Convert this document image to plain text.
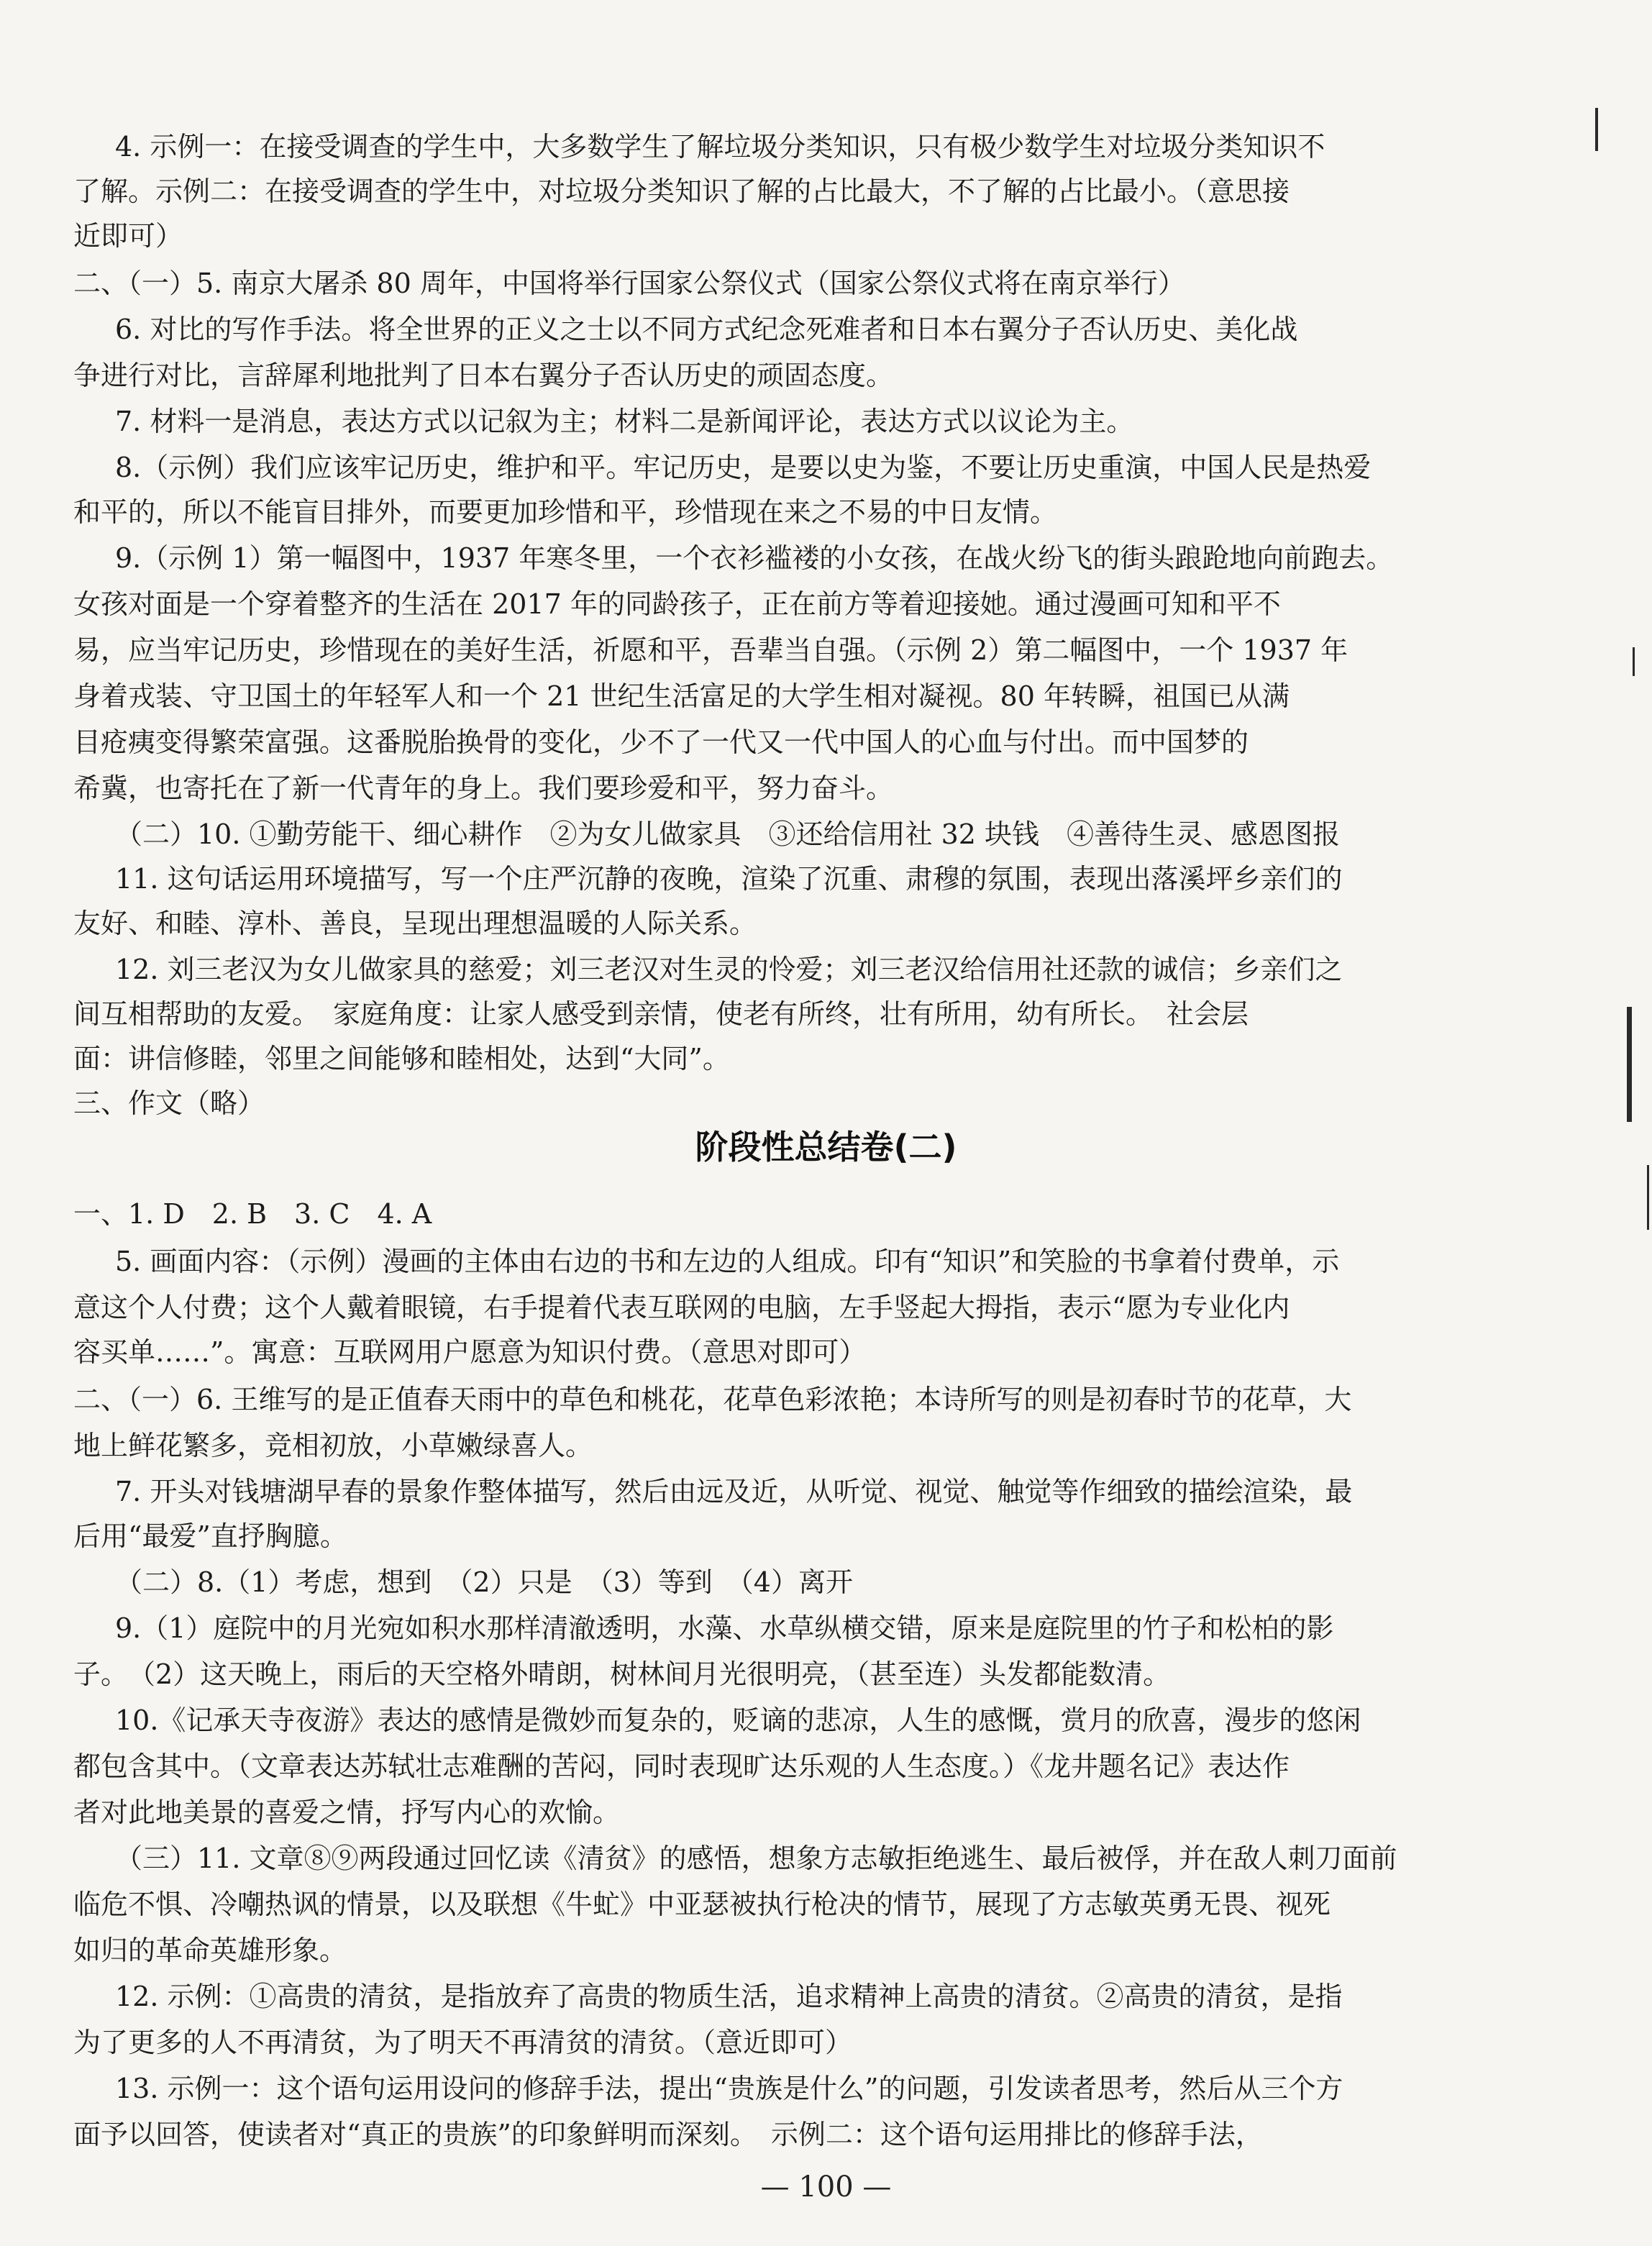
4. 示例一：在接受调查的学生中，大多数学生了解垃圾分类知识，只有极少数学生对垃圾分类知识不
了解。示例二：在接受调查的学生中，对垃圾分类知识了解的占比最大，不了解的占比最小。（意思接
近即可）
二、（一）5. 南京大屠杀 80 周年，中国将举行国家公祭仪式（国家公祭仪式将在南京举行）
6. 对比的写作手法。将全世界的正义之士以不同方式纪念死难者和日本右翼分子否认历史、美化战
争进行对比，言辞犀利地批判了日本右翼分子否认历史的顽固态度。
7. 材料一是消息，表达方式以记叙为主；材料二是新闻评论，表达方式以议论为主。
8.（示例）我们应该牢记历史，维护和平。牢记历史，是要以史为鉴，不要让历史重演，中国人民是热爱
和平的，所以不能盲目排外，而要更加珍惜和平，珍惜现在来之不易的中日友情。
9.（示例 1）第一幅图中，1937 年寒冬里，一个衣衫褴褛的小女孩，在战火纷飞的街头踉跄地向前跑去。
女孩对面是一个穿着整齐的生活在 2017 年的同龄孩子，正在前方等着迎接她。通过漫画可知和平不
易，应当牢记历史，珍惜现在的美好生活，祈愿和平，吾辈当自强。（示例 2）第二幅图中，一个 1937 年
身着戎装、守卫国土的年轻军人和一个 21 世纪生活富足的大学生相对凝视。80 年转瞬，祖国已从满
目疮痍变得繁荣富强。这番脱胎换骨的变化，少不了一代又一代中国人的心血与付出。而中国梦的
希冀，也寄托在了新一代青年的身上。我们要珍爱和平，努力奋斗。
（二）10. ①勤劳能干、细心耕作　②为女儿做家具　③还给信用社 32 块钱　④善待生灵、感恩图报
11. 这句话运用环境描写，写一个庄严沉静的夜晚，渲染了沉重、肃穆的氛围，表现出落溪坪乡亲们的
友好、和睦、淳朴、善良，呈现出理想温暖的人际关系。
12. 刘三老汉为女儿做家具的慈爱；刘三老汉对生灵的怜爱；刘三老汉给信用社还款的诚信；乡亲们之
间互相帮助的友爱。　家庭角度：让家人感受到亲情，使老有所终，壮有所用，幼有所长。　社会层
面：讲信修睦，邻里之间能够和睦相处，达到“大同”。
三、作文（略）
阶段性总结卷(二)
一、1. D　2. B　3. C　4. A
5. 画面内容：（示例）漫画的主体由右边的书和左边的人组成。印有“知识”和笑脸的书拿着付费单，示
意这个人付费；这个人戴着眼镜，右手提着代表互联网的电脑，左手竖起大拇指，表示“愿为专业化内
容买单……”。寓意：互联网用户愿意为知识付费。（意思对即可）
二、（一）6. 王维写的是正值春天雨中的草色和桃花，花草色彩浓艳；本诗所写的则是初春时节的花草，大
地上鲜花繁多，竞相初放，小草嫩绿喜人。
7. 开头对钱塘湖早春的景象作整体描写，然后由远及近，从听觉、视觉、触觉等作细致的描绘渲染，最
后用“最爱”直抒胸臆。
（二）8.（1）考虑，想到　（2）只是　（3）等到　（4）离开
9.（1）庭院中的月光宛如积水那样清澈透明，水藻、水草纵横交错，原来是庭院里的竹子和松柏的影
子。　（2）这天晚上，雨后的天空格外晴朗，树林间月光很明亮，（甚至连）头发都能数清。
10.《记承天寺夜游》表达的感情是微妙而复杂的，贬谪的悲凉，人生的感慨，赏月的欣喜，漫步的悠闲
都包含其中。（文章表达苏轼壮志难酬的苦闷，同时表现旷达乐观的人生态度。）《龙井题名记》表达作
者对此地美景的喜爱之情，抒写内心的欢愉。
（三）11. 文章⑧⑨两段通过回忆读《清贫》的感悟，想象方志敏拒绝逃生、最后被俘，并在敌人刺刀面前
临危不惧、冷嘲热讽的情景，以及联想《牛虻》中亚瑟被执行枪决的情节，展现了方志敏英勇无畏、视死
如归的革命英雄形象。
12. 示例：①高贵的清贫，是指放弃了高贵的物质生活，追求精神上高贵的清贫。②高贵的清贫，是指
为了更多的人不再清贫，为了明天不再清贫的清贫。（意近即可）
13. 示例一：这个语句运用设问的修辞手法，提出“贵族是什么”的问题，引发读者思考，然后从三个方
面予以回答，使读者对“真正的贵族”的印象鲜明而深刻。　示例二：这个语句运用排比的修辞手法，
— 100 —
